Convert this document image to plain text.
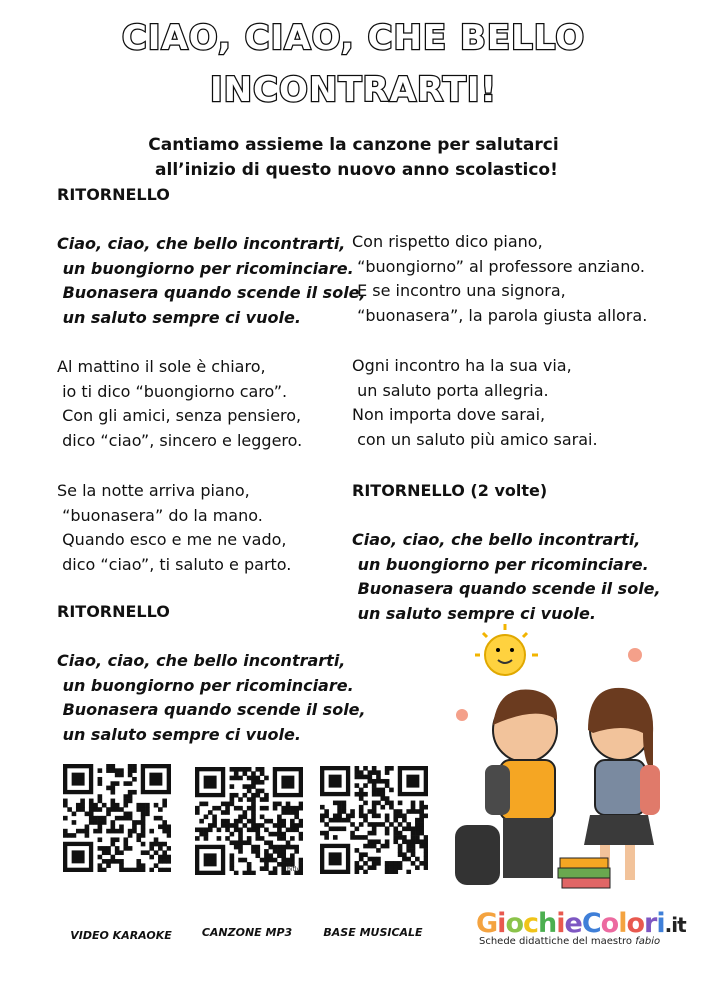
CIAO, CIAO, CHE BELLO
INCONTRARTI!
Cantiamo assieme la canzone per salutarci
all’inizio di questo nuovo anno scolastico!
RITORNELLO
Ciao, ciao, che bello incontrarti,
un buongiorno per ricominciare.
Buonasera quando scende il sole,
un saluto sempre ci vuole.
Al mattino il sole è chiaro,
io ti dico “buongiorno caro”.
Con gli amici, senza pensiero,
dico “ciao”, sincero e leggero.
Se la notte arriva piano,
“buonasera” do la mano.
Quando esco e me ne vado,
dico “ciao”, ti saluto e parto.
RITORNELLO
Ciao, ciao, che bello incontrarti,
un buongiorno per ricominciare.
Buonasera quando scende il sole,
un saluto sempre ci vuole.
Con rispetto dico piano,
“buongiorno” al professore anziano.
E se incontro una signora,
“buonasera”, la parola giusta allora.
Ogni incontro ha la sua via,
un saluto porta allegria.
Non importa dove sarai,
con un saluto più amico sarai.
RITORNELLO (2 volte)
Ciao, ciao, che bello incontrarti,
un buongiorno per ricominciare.
Buonasera quando scende il sole,
un saluto sempre ci vuole.
bitly
VIDEO KARAOKE	CANZONE MP3	BASE MUSICALE	GiochieColori.it
Schede didattiche del maestro fabio
